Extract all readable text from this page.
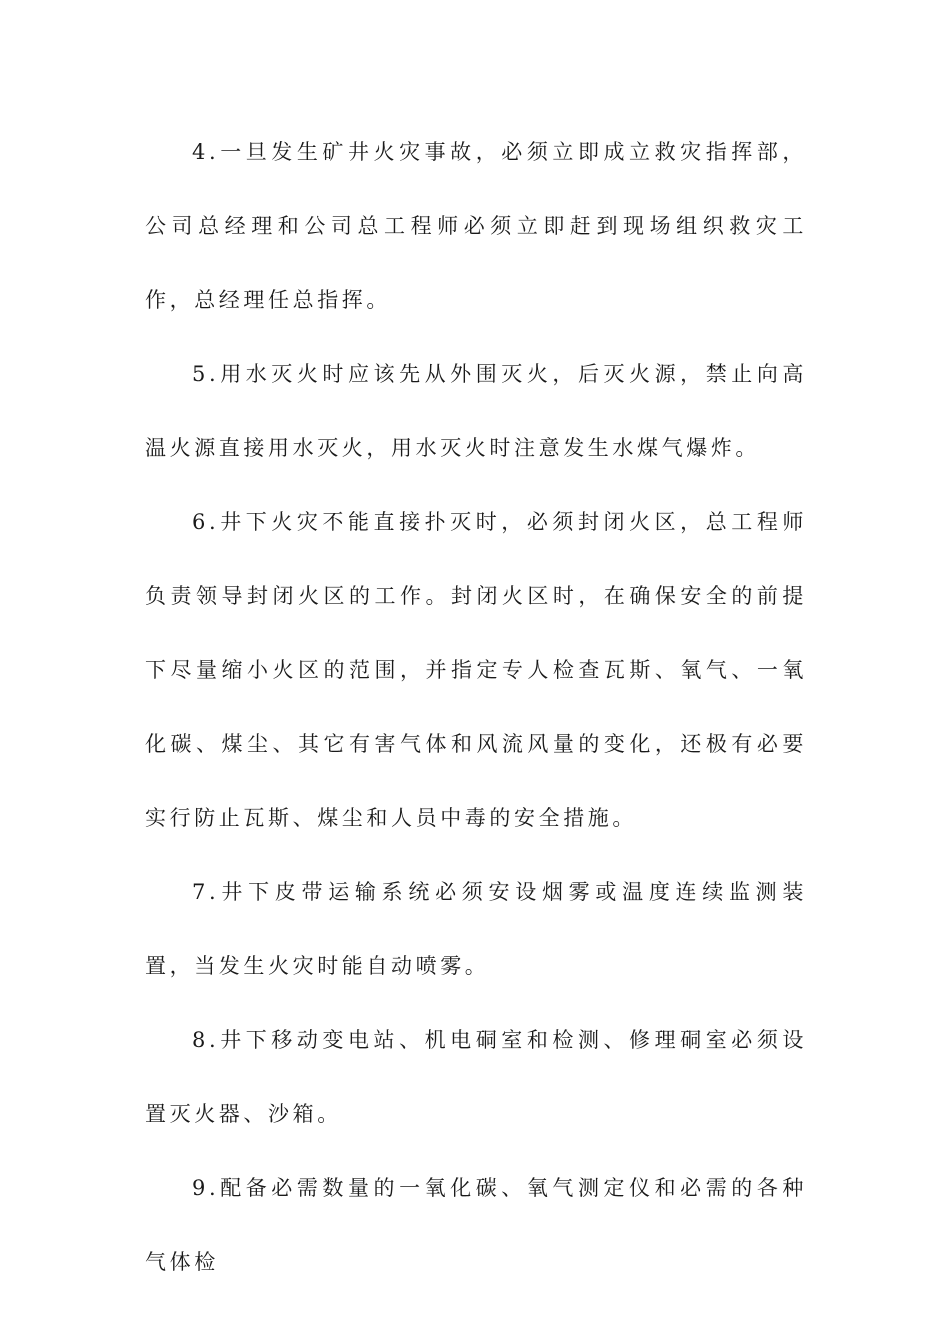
4.一旦发生矿井火灾事故，必须立即成立救灾指挥部，公司总经理和公司总工程师必须立即赶到现场组织救灾工作，总经理任总指挥。

5.用水灭火时应该先从外围灭火，后灭火源，禁止向高温火源直接用水灭火，用水灭火时注意发生水煤气爆炸。

6.井下火灾不能直接扑灭时，必须封闭火区，总工程师负责领导封闭火区的工作。封闭火区时，在确保安全的前提下尽量缩小火区的范围，并指定专人检查瓦斯、氧气、一氧化碳、煤尘、其它有害气体和风流风量的变化，还极有必要实行防止瓦斯、煤尘和人员中毒的安全措施。

7.井下皮带运输系统必须安设烟雾或温度连续监测装置，当发生火灾时能自动喷雾。

8.井下移动变电站、机电硐室和检测、修理硐室必须设置灭火器、沙箱。

9.配备必需数量的一氧化碳、氧气测定仪和必需的各种气体检
